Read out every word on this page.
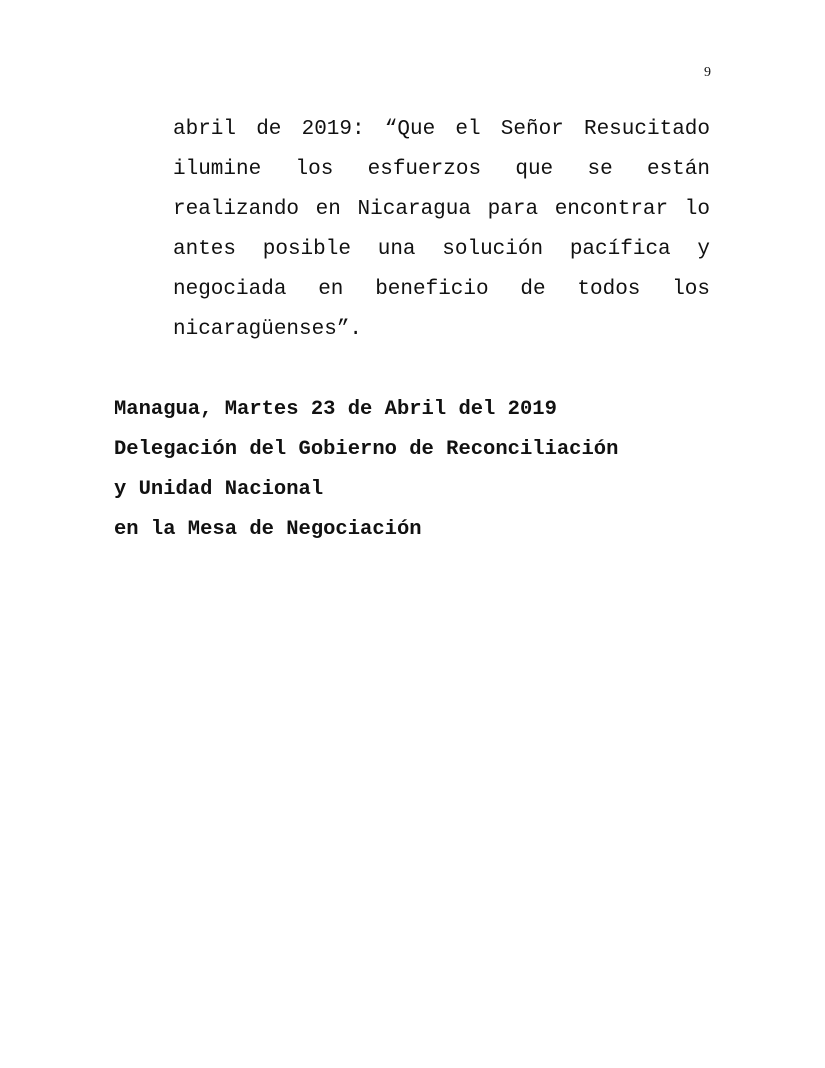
9
abril de 2019: “Que el Señor Resucitado
ilumine los esfuerzos que se están
realizando en Nicaragua para encontrar lo
antes posible una solución pacífica y
negociada en beneficio de todos los
nicaragüenses”.
Managua, Martes 23 de Abril del 2019
Delegación del Gobierno de Reconciliación
y Unidad Nacional
en la Mesa de Negociación
